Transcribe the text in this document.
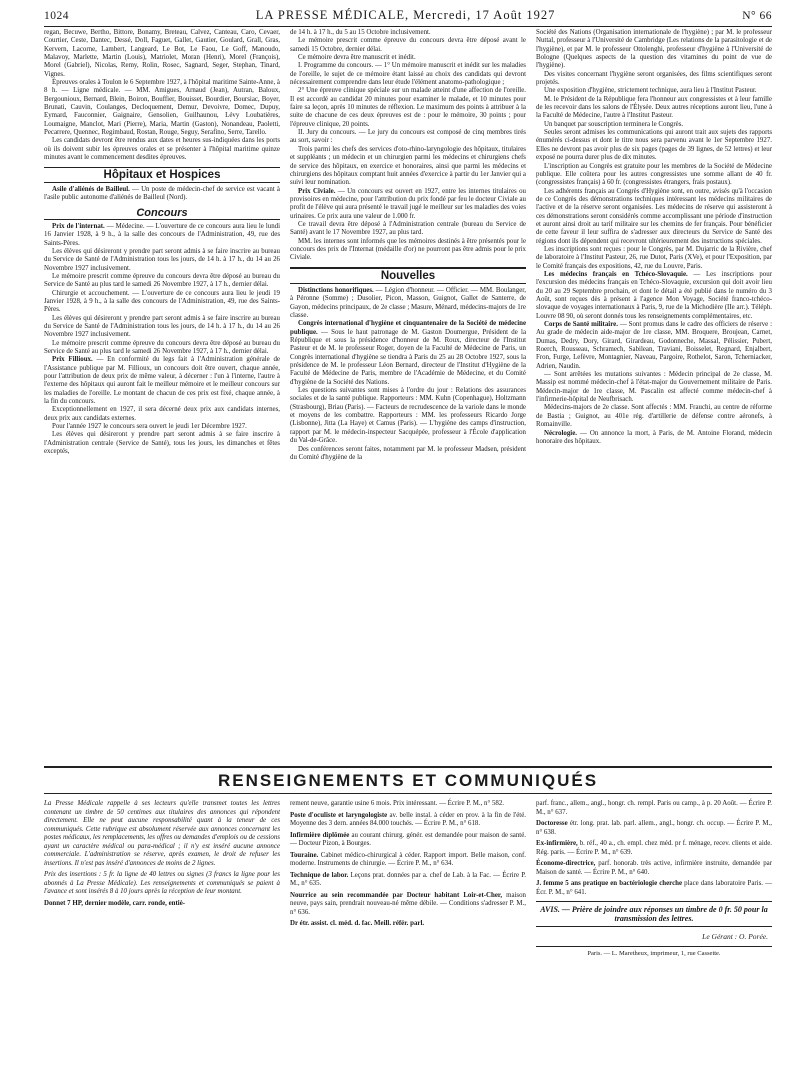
1024	LA PRESSE MÉDICALE, Mercredi, 17 Août 1927	N° 66

regan, Becuwe, Bertho, Bittore, Bonamy, Breteau, Calvez, Canteau, Caro, Cevaer, Courtier, Ceste, Dantec, Dessé, Doll, Faguet, Gallet, Gautier, Goulard, Grall, Gras, Kervern, Lacorne, Lambert, Langeard, Le Bot, Le Faou, Le Goff, Manoudo, Malavoy, Marlette, Martin (Louis), Matriolet, Moran (Henri), Morel (François), Morel (Gabriel), Nicolas, Remy, Rolin, Rosec, Sagnard, Seger, Stephan, Tinard, Vignes.

Épreuves orales à Toulon le 6 Septembre 1927, à l'hôpital maritime Sainte-Anne, à 8 h. — Ligne médicale. — MM. Amigues, Arnaud (Jean), Autran, Baloux, Bergounioux, Bernard, Blein, Boiron, Bouffier, Bouisset, Bourdier, Boursiac, Boyer, Brunati, Cauvin, Coulanges, Decloquement, Demur, Devoivre, Domec, Dupuy, Eymard, Fauconnier, Gaignaire, Gensolien, Guilhaunou, Lévy Loubatières, Loumaigne, Manclot, Mari (Pierre), Maria, Martin (Gaston), Nonandeau, Paoletti, Pecarrere, Quennec, Regimbaud, Rostan, Rouge, Seguy, Serafino, Serre, Tarello.

Les candidats devront être rendus aux dates et heures sus-indiquées dans les ports où ils doivent subir les épreuves orales et se présenter à l'hôpital maritime quinze minutes avant le commencement desdites épreuves.

Hôpitaux et Hospices

Asile d'aliénés de Bailleul. — Un poste de médecin-chef de service est vacant à l'asile public autonome d'aliénés de Bailleul (Nord).

Concours

Prix de l'internat. — Médecine. — L'ouverture de ce concours aura lieu le lundi 16 Janvier 1928, à 9 h., à la salle des concours de l'Administration, 49, rue des Saints-Pères.

Les élèves qui désireront y prendre part seront admis à se faire inscrire au bureau du Service de Santé de l'Administration tous les jours, de 14 h. à 17 h., du 14 au 26 Novembre 1927 inclusivement.

Le mémoire prescrit comme épreuve du concours devra être déposé au bureau du Service de Santé au plus tard le samedi 26 Novembre 1927, à 17 h., dernier délai.

Chirurgie et accouchement. — L'ouverture de ce concours aura lieu le jeudi 19 Janvier 1928, à 9 h., à la salle des concours de l'Administration, 49, rue des Saints-Pères.

Les élèves qui désireront y prendre part seront admis à se faire inscrire au bureau du Service de Santé de l'Administration tous les jours, de 14 h. à 17 h., du 14 au 26 Novembre 1927 inclusivement.

Le mémoire prescrit comme épreuve du concours devra être déposé au bureau du Service de Santé au plus tard le samedi 26 Novembre 1927, à 17 h., dernier délai.

Prix Fillioux. — En conformité du legs fait à l'Administration générale de l'Assistance publique par M. Fillioux, un concours doit être ouvert, chaque année, pour l'attribution de deux prix de même valeur, à décerner : l'un à l'interne, l'autre à l'externe des hôpitaux qui auront fait le meilleur mémoire et le meilleur concours sur les maladies de l'oreille. Le montant de chacun de ces prix est fixé, chaque année, à la fin du concours.

Exceptionnellement en 1927, il sera décerné deux prix aux candidats internes, deux prix aux candidats externes.

Pour l'année 1927 le concours sera ouvert le jeudi 1er Décembre 1927.

Les élèves qui désireront y prendre part seront admis à se faire inscrire à l'Administration centrale (Service de Santé), tous les jours, les dimanches et fêtes exceptés,

de 14 h. à 17 h., du 5 au 15 Octobre inclusivement.

Le mémoire prescrit comme épreuve du concours devra être déposé avant le samedi 15 Octobre, dernier délai.

Ce mémoire devra être manuscrit et inédit.

I. Programme du concours. — 1° Un mémoire manuscrit et inédit sur les maladies de l'oreille, le sujet de ce mémoire étant laissé au choix des candidats qui devront nécessairement comprendre dans leur étude l'élément anatomo-pathologique ;

2° Une épreuve clinique spéciale sur un malade atteint d'une affection de l'oreille. Il est accordé au candidat 20 minutes pour examiner le malade, et 10 minutes pour faire sa leçon, après 10 minutes de réflexion. Le maximum des points à attribuer à la suite de chacune de ces deux épreuves est de : pour le mémoire, 30 points ; pour l'épreuve clinique, 20 points.

II. Jury du concours. — Le jury du concours est composé de cinq membres tirés au sort, savoir :

Trois parmi les chefs des services d'oto-rhino-laryngologie des hôpitaux, titulaires et suppléants ; un médecin et un chirurgien parmi les médecins et chirurgiens chefs de service des hôpitaux, en exercice et honoraires, ainsi que parmi les médecins et chirurgiens des hôpitaux comptant huit années d'exercice à partir du 1er Janvier qui a suivi leur nomination.

Prix Civiale. — Un concours est ouvert en 1927, entre les internes titulaires ou provisoires en médecine, pour l'attribution du prix fondé par feu le docteur Civiale au profit de l'élève qui aura présenté le travail jugé le meilleur sur les maladies des voies urinaires. Ce prix aura une valeur de 1.000 fr.

Ce travail devra être déposé à l'Administration centrale (bureau du Service de Santé) avant le 17 Novembre 1927, au plus tard.

MM. les internes sont informés que les mémoires destinés à être présentés pour le concours des prix de l'Internat (médaille d'or) ne pourront pas être admis pour le prix Civiale.

Nouvelles

Distinctions honorifiques. — Légion d'honneur. — Officier. — MM. Boulanger, à Péronne (Somme) ; Dusolier, Picon, Masson, Guignot, Gallet de Santerre, de Gayon, médecins principaux, de 2e classe ; Masure, Ménard, médecins-majors de 1re classe.

Congrès international d'hygiène et cinquantenaire de la Société de médecine publique. — Sous le haut patronage de M. Gaston Doumergue, Président de la République et sous la présidence d'honneur de M. Roux, directeur de l'Institut Pasteur et de M. le professeur Roger, doyen de la Faculté de Médecine de Paris, un Congrès international d'hygiène se tiendra à Paris du 25 au 28 Octobre 1927, sous la présidence de M. le professeur Léon Bernard, directeur de l'Institut d'Hygiène de la Faculté de Médecine de Paris, membre de l'Académie de Médecine, et du Comité d'hygiène de la Société des Nations.

Les questions suivantes sont mises à l'ordre du jour : Relations des assurances sociales et de la santé publique. Rapporteurs : MM. Kuhn (Copenhague), Holtzmann (Strasbourg), Briau (Paris). — Facteurs de recrudescence de la variole dans le monde et moyens de les combattre. Rapporteurs : MM. les professeurs Ricardo Jorge (Lisbonne), Jitta (La Haye) et Camus (Paris). — L'hygiène des camps d'instruction, rapport par M. le médecin-inspecteur Sacquépée, professeur à l'École d'application du Val-de-Grâce.

Des conférences seront faites, notamment par M. le professeur Madsen, président du Comité d'hygiène de la

Société des Nations (Organisation internationale de l'hygiène) ; par M. le professeur Nuttal, professeur à l'Université de Cambridge (Les relations de la parasitologie et de l'hygiène), et par M. le professeur Ottolenghi, professeur d'hygiène à l'Université de Bologne (Quelques aspects de la question des vitamines du point de vue de l'hygiène).

Des visites concernant l'hygiène seront organisées, des films scientifiques seront projetés.

Une exposition d'hygiène, strictement technique, aura lieu à l'Institut Pasteur.

M. le Président de la République fera l'honneur aux congressistes et à leur famille de les recevoir dans les salons de l'Élysée. Deux autres réceptions auront lieu, l'une à la Faculté de Médecine, l'autre à l'Institut Pasteur.

Un banquet par souscription terminera le Congrès.

Seules seront admises les communications qui auront trait aux sujets des rapports énumérés ci-dessus et dont le titre nous sera parvenu avant le 1er Septembre 1927. Elles ne devront pas avoir plus de six pages (pages de 39 lignes, de 52 lettres) et leur exposé ne pourra durer plus de dix minutes.

L'inscription au Congrès est gratuite pour les membres de la Société de Médecine publique. Elle coûtera pour les autres congressistes une somme allant de 40 fr. (congressistes français) à 60 fr. (congressistes étrangers, frais postaux).

Les adhérents français au Congrès d'Hygiène sont, en outre, avisés qu'à l'occasion de ce Congrès des démonstrations techniques intéressant les médecins militaires de l'active et de la réserve seront organisées. Les médecins de réserve qui assisteront à ces démonstrations seront considérés comme accomplissant une période d'instruction et auront ainsi droit au tarif militaire sur les chemins de fer français. Pour bénéficier de cette faveur il leur suffira de s'adresser aux directeurs du Service de Santé des régions dont ils dépendent qui recevront ultérieurement des instructions spéciales.

Les inscriptions sont reçues : pour le Congrès, par M. Dujarric de la Rivière, chef de laboratoire à l'Institut Pasteur, 26, rue Dutot, Paris (XVe), et pour l'Exposition, par le Comité français des expositions, 42, rue du Louvre, Paris.

Les médecins français en Tchéco-Slovaquie. — Les inscriptions pour l'excursion des médecins français en Tchéco-Slovaquie, excursion qui doit avoir lieu du 20 au 29 Septembre prochain, et dont le détail a été publié dans le numéro du 3 Août, sont reçues dès à présent à l'agence Mon Voyage, Société franco-tchéco-slovaque de voyages internationaux à Paris, 9, rue de la Michodière (IIe arr.). Téléph. Louvre 08 90, où seront donnés tous les renseignements complémentaires, etc.

Corps de Santé militaire. — Sont promus dans le cadre des officiers de réserve : Au grade de médecin aide-major de 1re classe, MM. Broquere, Broujean, Carnet, Dumas, Dedry, Dory, Girard, Girardeau, Godonneche, Massal, Pélissier, Pubert, Roerch, Rousseau, Schramech, Sabilean, Traviani, Boisselet, Regnard, Enjalbert, Fron, Furge, Lefèvre, Montagnier, Naveau, Pargoire, Rothelot, Saron, Tcherniacker, Adrien, Naudin.

— Sont arrêtées les mutations suivantes : Médecin principal de 2e classe, M. Massip est nommé médecin-chef à l'état-major du Gouvernement militaire de Paris. Médecin-major de 1re classe, M. Pascalin est affecté comme médecin-chef à l'infirmerie-hôpital de Neufbrisach.

Médecins-majors de 2e classe. Sont affectés : MM. Frauchi, au centre de réforme de Bastia ; Guignot, au 401e rég. d'artillerie de défense contre aéronefs, à Romainville.

Nécrologie. — On annonce la mort, à Paris, de M. Antoine Florand, médecin honoraire des hôpitaux.

RENSEIGNEMENTS ET COMMUNIQUÉS

La Presse Médicale rappelle à ses lecteurs qu'elle transmet toutes les lettres contenant un timbre de 50 centimes aux titulaires des annonces qui répondent directement. Elle ne peut aucune responsabilité quant à la teneur de ces communiqués. Cette rubrique est absolument réservée aux annonces concernant les postes médicaux, les remplacements, les offres ou demandes d'emplois ou de cessions ayant un caractère médical ou para-médical ; il n'y est inséré aucune annonce commerciale. L'administration se réserve, après examen, le droit de refuser les insertions. Il n'est pas inséré d'annonces de moins de 2 lignes.

Prix des insertions : 5 fr. la ligne de 40 lettres ou signes (3 francs la ligne pour les abonnés à La Presse Médicale). Les renseignements et communiqués se paient à l'avance et sont insérés 8 à 10 jours après la réception de leur montant.

Donnet 7 HP, dernier modèle, carr. ronde, entiè-

rement neuve, garantie usine 6 mois. Prix intéressant. — Écrire P. M., n° 582.

Poste d'oculiste et laryngologiste av. belle instal. à céder en prov. à la fin de l'été. Moyenne des 3 dern. années 84.000 touchés. — Écrire P. M., n° 618.

Infirmière diplômée au courant chirurg. génér. est demandée pour maison de santé. — Docteur Pizon, à Bourges.

Touraine. Cabinet médico-chirurgical à céder. Rapport import. Belle maison, conf. moderne. Instruments de chirurgie. — Écrire P. M., n° 634.

Technique de labor. Leçons prat. données par a. chef de Lab. à la Fac. — Écrire P. M., n° 635.

Nourrice au sein recommandée par Docteur habitant Loir-et-Cher, maison neuve, pays sain, prendrait nouveau-né même débile. — Conditions s'adresser P. M., n° 636.

Dr étr. assist. cl. méd. d. fac. Meill. référ. parl.

parf. franc., allem., angl., hongr. ch. rempl. Paris ou camp., à p. 20 Août. — Écrire P. M., n° 637.

Doctoresse étr. long. prat. lab. parl. allem., angl., hongr. ch. occup. — Écrire P. M., n° 638.

Ex-infirmière, b. réf., 40 a., ch. empl. chez méd. pr f. ménage, recev. clients et aide. Rég. paris. — Écrire P. M., n° 639.

Économe-directrice, parf. honorab. très active, infirmière instruite, demandée par Maison de santé. — Écrire P. M., n° 640.

J. femme 5 ans pratique en bactériologie cherche place dans laboratoire Paris. — Écr. P. M., n° 641.

AVIS. — Prière de joindre aux réponses un timbre de 0 fr. 50 pour la transmission des lettres.
Le Gérant : O. Porée.
Paris. — L. Maretheux, imprimeur, 1, rue Cassette.
